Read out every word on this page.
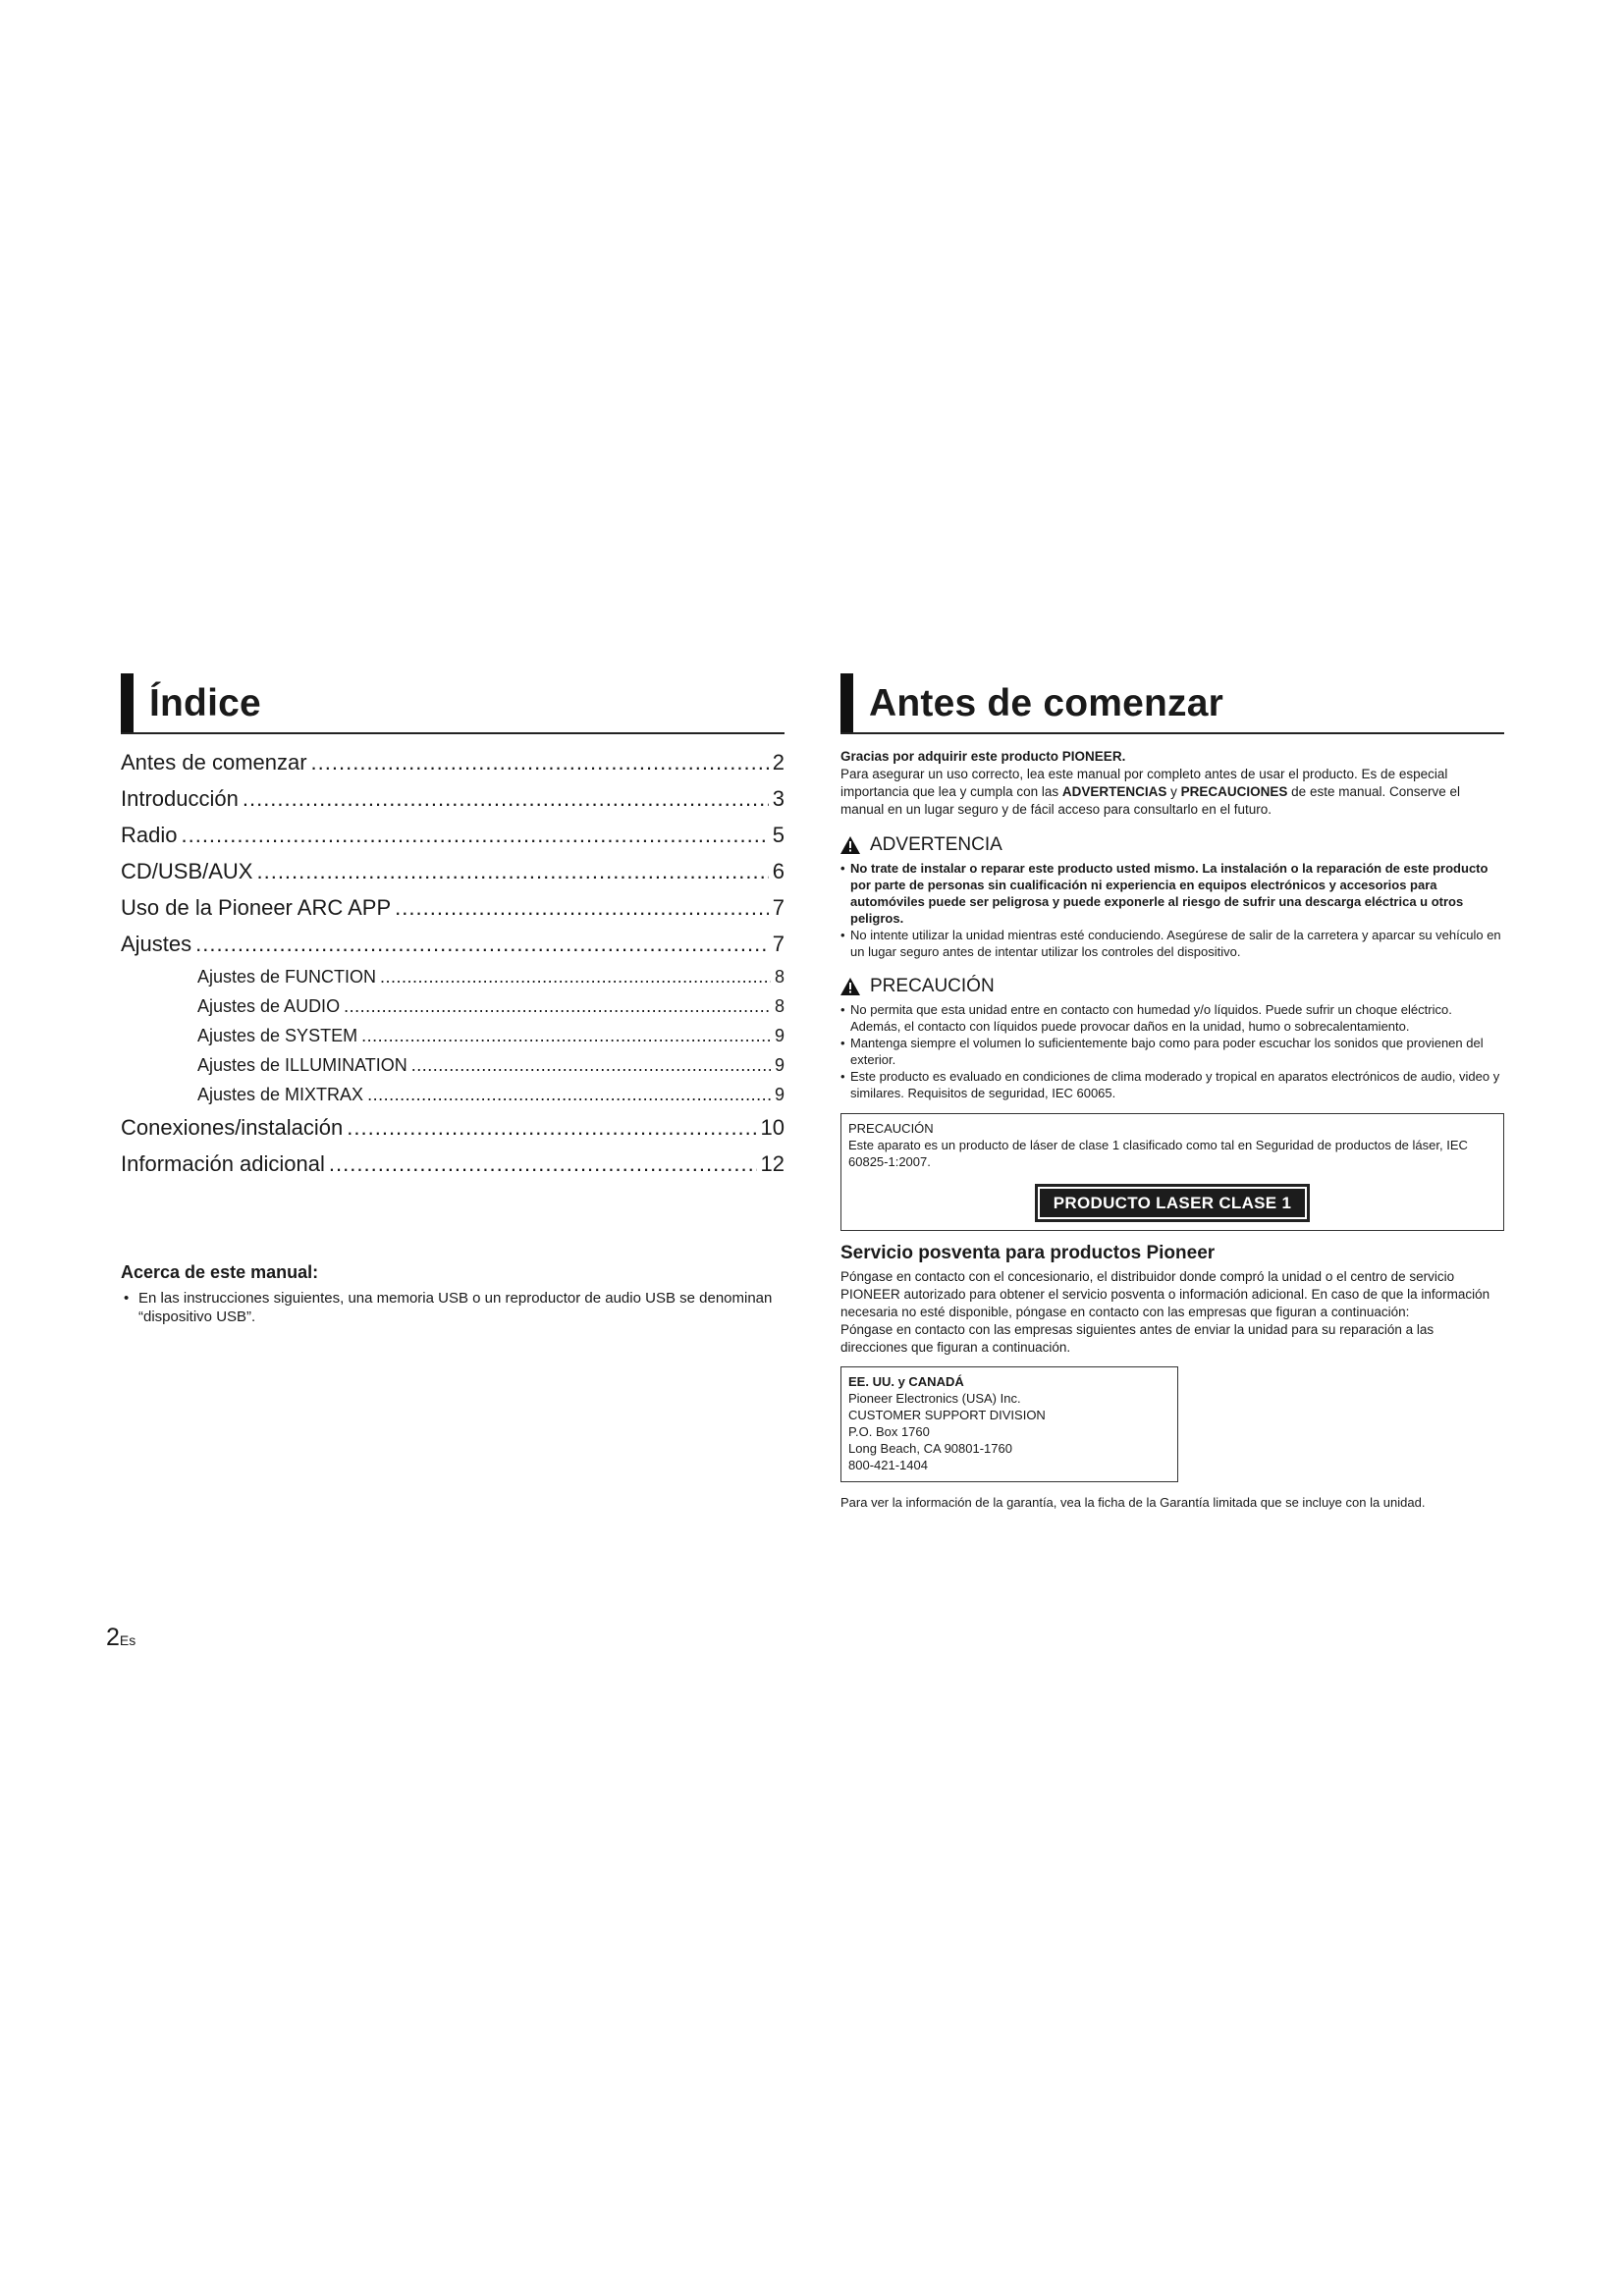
Índice
Antes de comenzar .....	2
Introducción .....	3
Radio .....	5
CD/USB/AUX .....	6
Uso de la Pioneer ARC APP .....	7
Ajustes .....	7
Ajustes de FUNCTION .....	8
Ajustes de AUDIO .....	8
Ajustes de SYSTEM .....	9
Ajustes de ILLUMINATION .....	9
Ajustes de MIXTRAX .....	9
Conexiones/instalación .....	10
Información adicional .....	12
Acerca de este manual:
• En las instrucciones siguientes, una memoria USB o un reproductor de audio USB se denominan “dispositivo USB”.
Antes de comenzar
Gracias por adquirir este producto PIONEER.
Para asegurar un uso correcto, lea este manual por completo antes de usar el producto. Es de especial importancia que lea y cumpla con las ADVERTENCIAS y PRECAUCIONES de este manual. Conserve el manual en un lugar seguro y de fácil acceso para consultarlo en el futuro.
ADVERTENCIA
• No trate de instalar o reparar este producto usted mismo. La instalación o la reparación de este producto por parte de personas sin cualificación ni experiencia en equipos electrónicos y accesorios para automóviles puede ser peligrosa y puede exponerle al riesgo de sufrir una descarga eléctrica u otros peligros.
• No intente utilizar la unidad mientras esté conduciendo. Asegúrese de salir de la carretera y aparcar su vehículo en un lugar seguro antes de intentar utilizar los controles del dispositivo.
PRECAUCIÓN
• No permita que esta unidad entre en contacto con humedad y/o líquidos. Puede sufrir un choque eléctrico. Además, el contacto con líquidos puede provocar daños en la unidad, humo o sobrecalentamiento.
• Mantenga siempre el volumen lo suficientemente bajo como para poder escuchar los sonidos que provienen del exterior.
• Este producto es evaluado en condiciones de clima moderado y tropical en aparatos electrónicos de audio, video y similares. Requisitos de seguridad, IEC 60065.
PRECAUCIÓN
Este aparato es un producto de láser de clase 1 clasificado como tal en Seguridad de productos de láser, IEC 60825-1:2007.
PRODUCTO LASER CLASE 1
Servicio posventa para productos Pioneer
Póngase en contacto con el concesionario, el distribuidor donde compró la unidad o el centro de servicio PIONEER autorizado para obtener el servicio posventa o información adicional. En caso de que la información necesaria no esté disponible, póngase en contacto con las empresas que figuran a continuación:
Póngase en contacto con las empresas siguientes antes de enviar la unidad para su reparación a las direcciones que figuran a continuación.
EE. UU. y CANADÁ
Pioneer Electronics (USA) Inc.
CUSTOMER SUPPORT DIVISION
P.O. Box 1760
Long Beach, CA 90801-1760
800-421-1404
Para ver la información de la garantía, vea la ficha de la Garantía limitada que se incluye con la unidad.
2Es
